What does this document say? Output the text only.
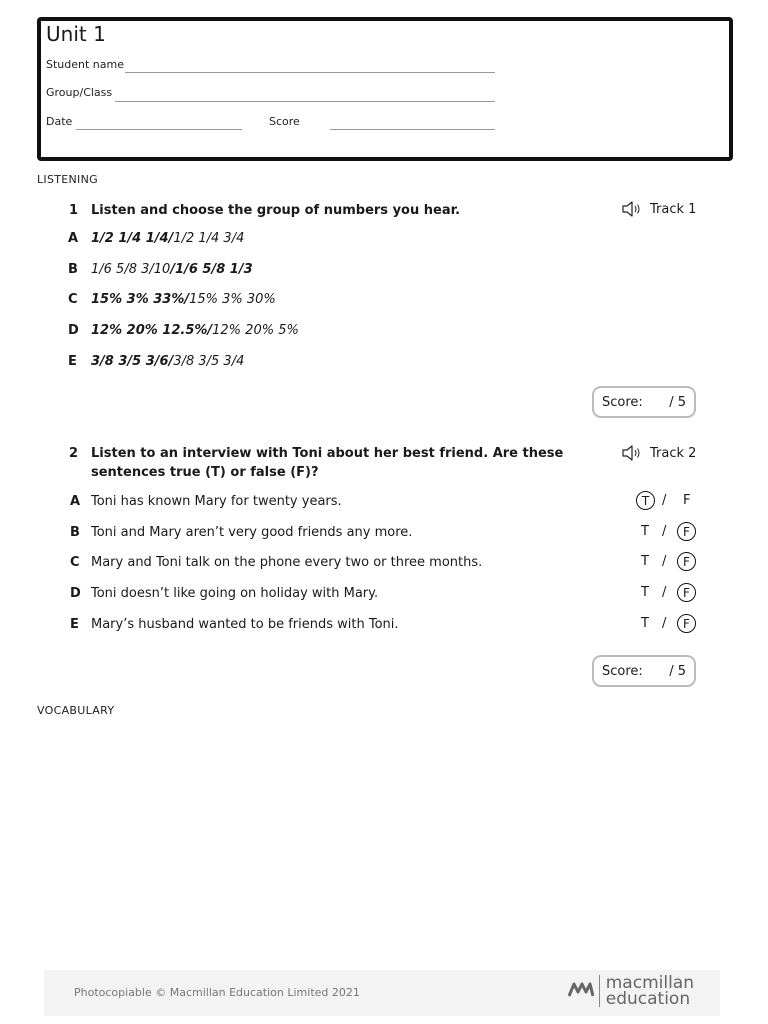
Unit 1
Student name
Group/Class
Date	Score
LISTENING
1 Listen and choose the group of numbers you hear.	Track 1
A 1/2 1/4 1/4/1/2 1/4 3/4
B 1/6 5/8 3/10/1/6 5/8 1/3
C 15% 3% 33%/15% 3% 30%
D 12% 20% 12.5%/12% 20% 5%
E 3/8 3/5 3/6/3/8 3/5 3/4
Score: / 5
2 Listen to an interview with Toni about her best friend. Are these
sentences true (T) or false (F)?
Track 2
A Toni has known Mary for twenty years.	T / F
B Toni and Mary aren’t very good friends any more.	T /	F
C Mary and Toni talk on the phone every two or three months.	T /	F
D Toni doesn’t like going on holiday with Mary.	T /	F
E Mary’s husband wanted to be friends with Toni.	T /	F
Score: / 5
VOCABULARY
Photocopiable © Macmillan Education Limited 2021	macmillan
education
